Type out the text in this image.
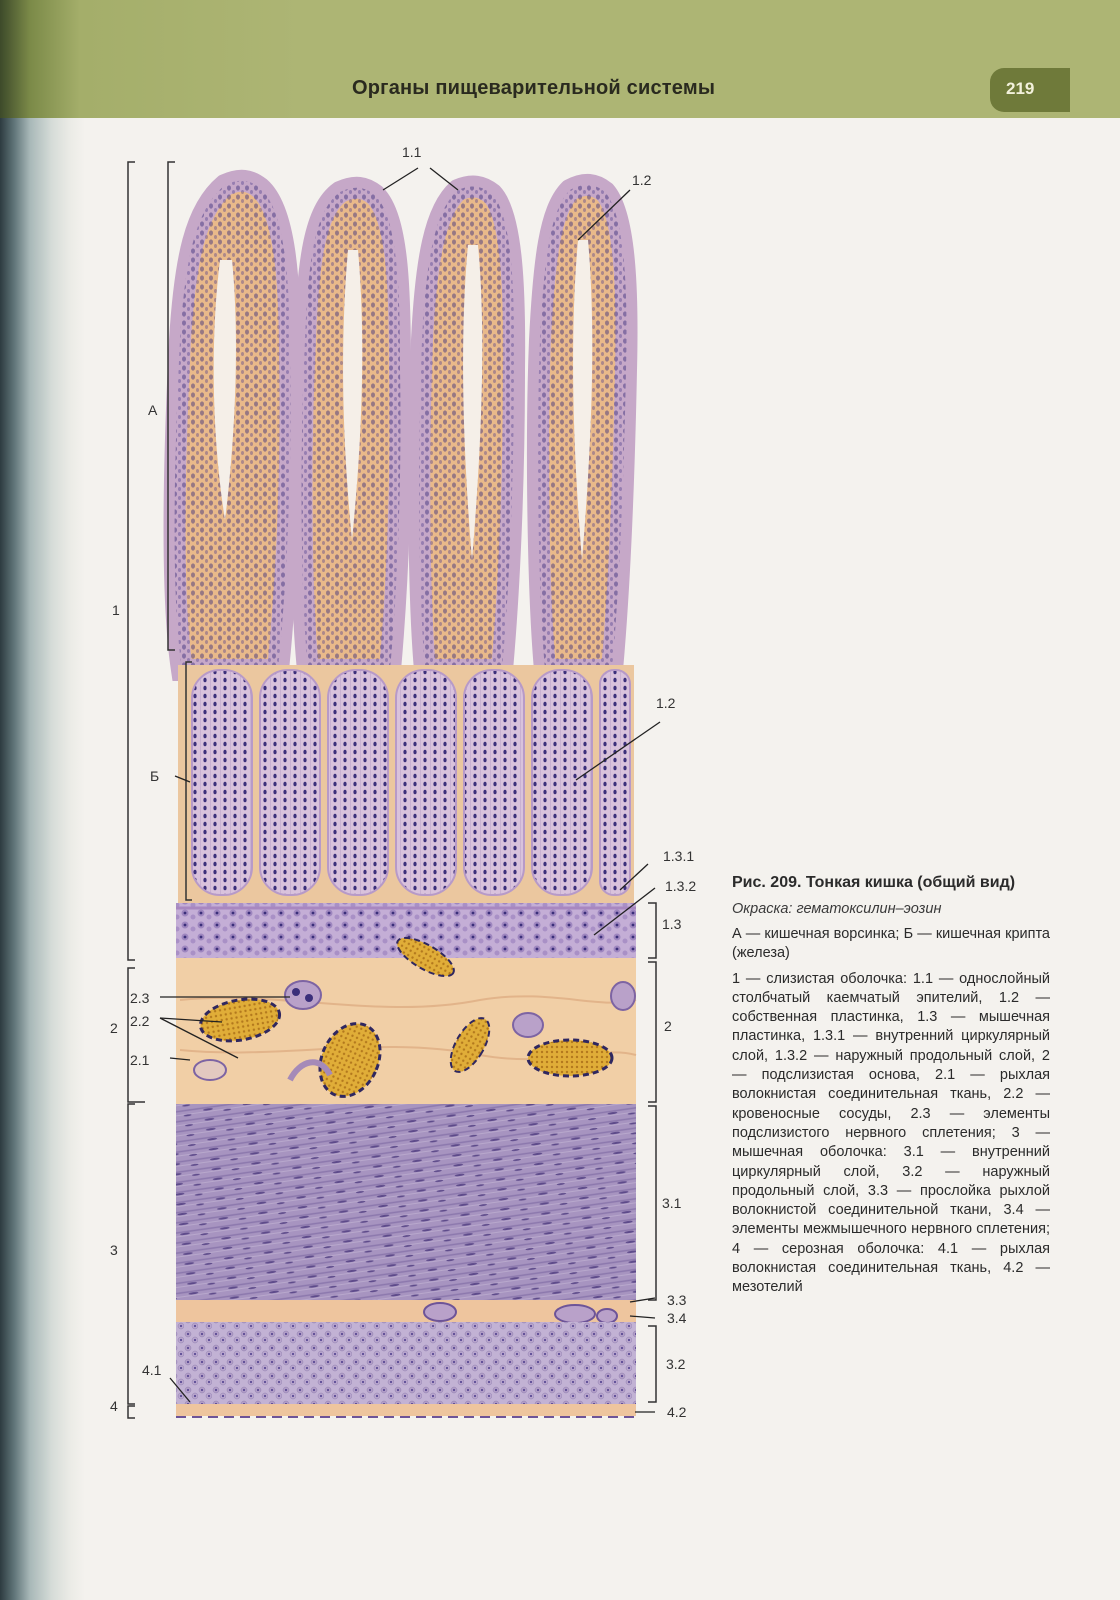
Органы пищеварительной системы	219
1.1
1.2
А
1
1.2
Б
1.3.1
1.3.2
1.3
2.3
2.2
2	2
2.1
3.1
3
3.3
3.4
3.2
4.1
4	4.2

Рис. 209. Тонкая кишка (общий вид)

Окраска: гематоксилин–эозин

А — кишечная ворсинка; Б — кишечная крипта (железа)

1 — слизистая оболочка: 1.1 — однослойный столбчатый каемчатый эпителий, 1.2 — собственная пластинка, 1.3 — мышечная пластинка, 1.3.1 — внутренний циркулярный слой, 1.3.2 — наружный продольный слой, 2 — подслизистая основа, 2.1 — рыхлая волокнистая соединительная ткань, 2.2 — кровеносные сосуды, 2.3 — элементы подслизистого нервного сплетения; 3 — мышечная оболочка: 3.1 — внутренний циркулярный слой, 3.2 — наружный продольный слой, 3.3 — прослойка рыхлой волокнистой соединительной ткани, 3.4 — элементы межмышечного нервного сплетения; 4 — серозная оболочка: 4.1 — рыхлая волокнистая соединительная ткань, 4.2 — мезотелий
